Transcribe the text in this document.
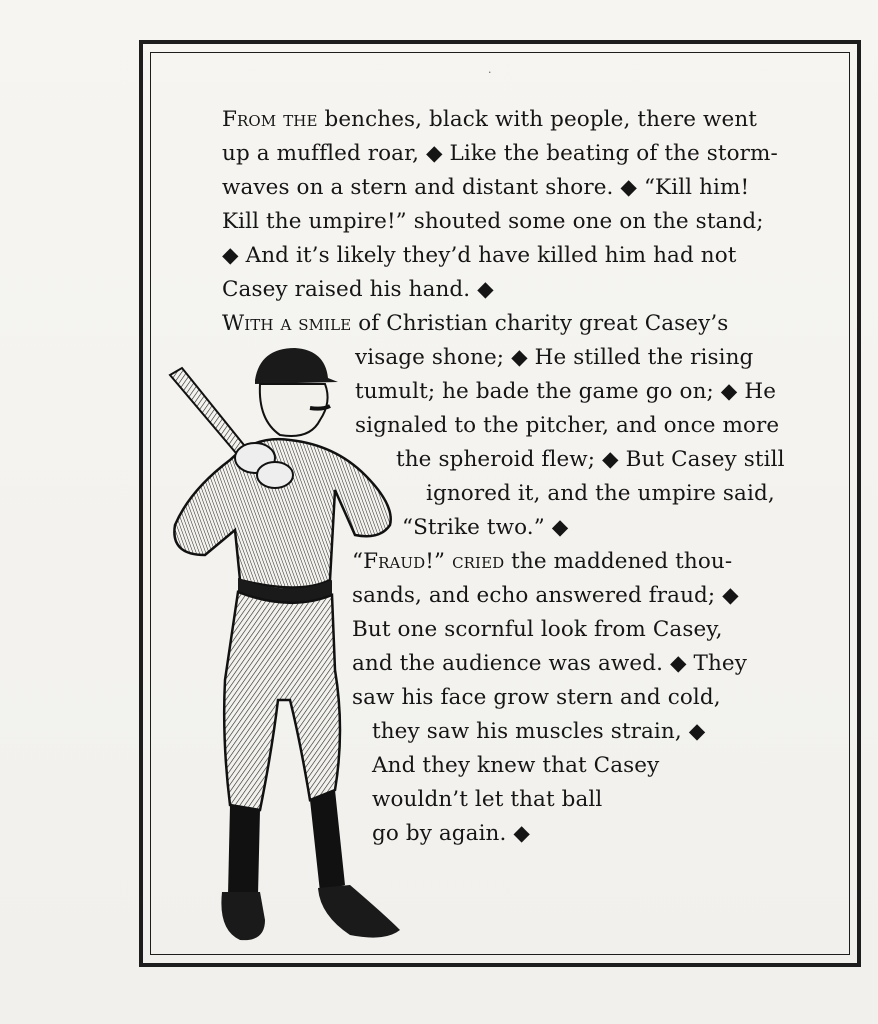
·

From the benches, black with people, there went

up a muffled roar, ◆ Like the beating of the storm-

waves on a stern and distant shore. ◆ “Kill him!

Kill the umpire!” shouted some one on the stand;

◆ And it’s likely they’d have killed him had not

Casey raised his hand. ◆

With a smile of Christian charity great Casey’s

visage shone; ◆ He stilled the rising

tumult; he bade the game go on; ◆ He

signaled to the pitcher, and once more

the spheroid flew; ◆ But Casey still

ignored it, and the umpire said,

“Strike two.” ◆

“Fraud!” cried the maddened thou-

sands, and echo answered fraud; ◆

But one scornful look from Casey,

and the audience was awed. ◆ They

saw his face grow stern and cold,

they saw his muscles strain, ◆

And they knew that Casey

wouldn’t let that ball

go by again. ◆
